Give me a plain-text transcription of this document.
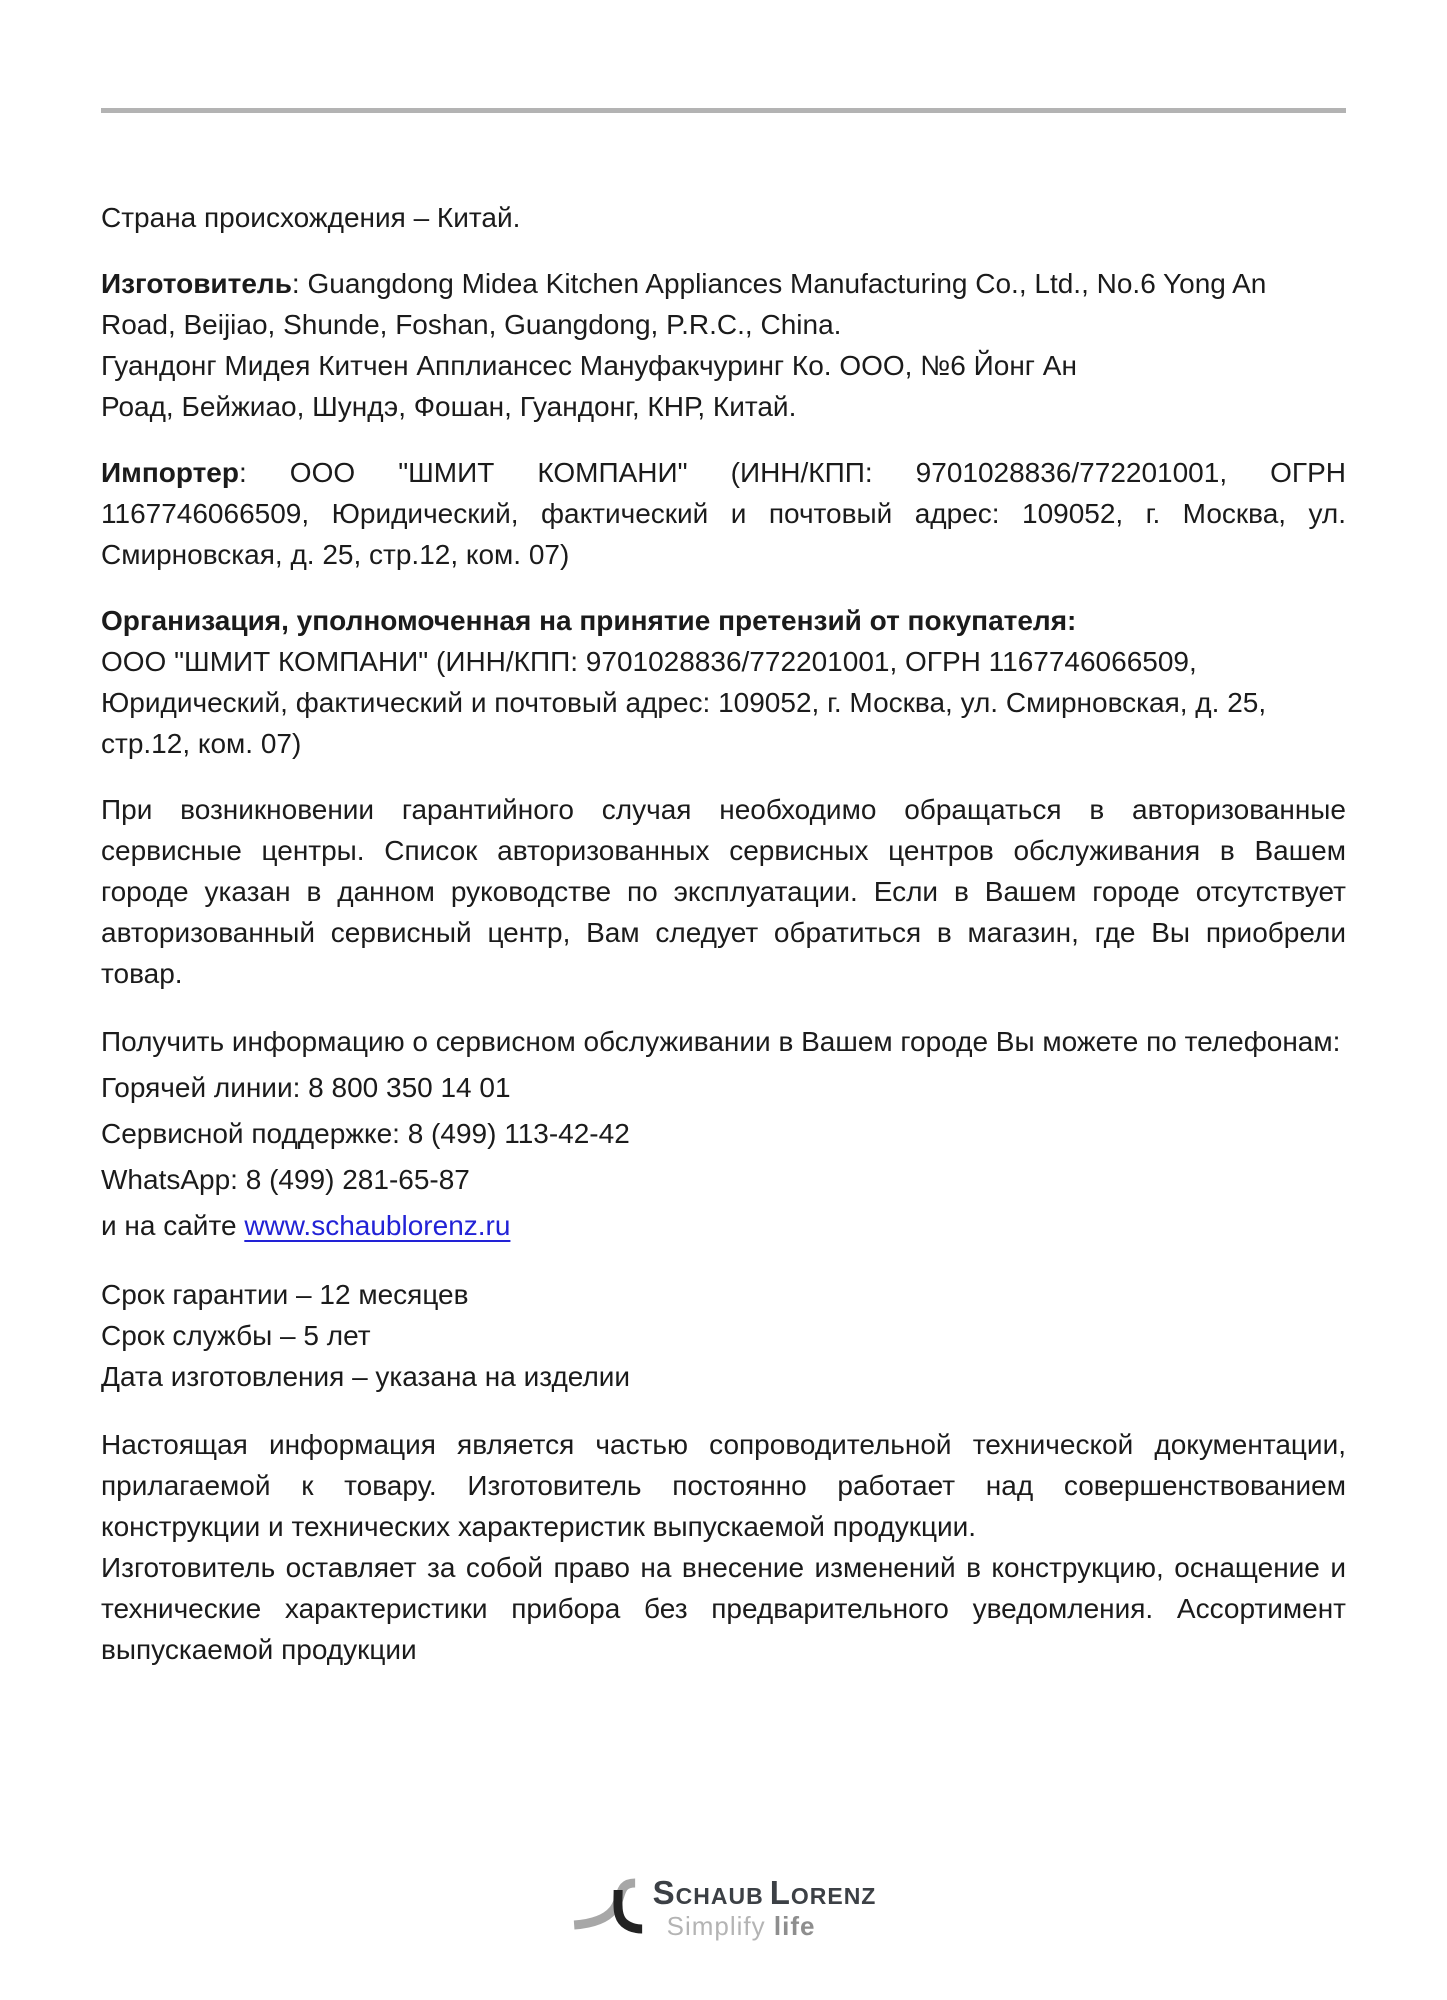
Страна происхождения – Китай.

Изготовитель: Guangdong Midea Kitchen Appliances Manufacturing Co., Ltd., No.6 Yong An Road, Beijiao, Shunde, Foshan, Guangdong, P.R.C., China.
Гуандонг Мидея Китчен Апплиансес Мануфакчуринг Ко. ООО, №6 Йонг Ан
Роад, Бейжиао, Шундэ, Фошан, Гуандонг, КНР, Китай.

Импортер: ООО "ШМИТ КОМПАНИ" (ИНН/КПП: 9701028836/772201001, ОГРН 1167746066509, Юридический, фактический и почтовый адрес: 109052, г. Москва, ул. Смирновская, д. 25, стр.12, ком. 07)

Организация, уполномоченная на принятие претензий от покупателя:
ООО "ШМИТ КОМПАНИ" (ИНН/КПП: 9701028836/772201001, ОГРН 1167746066509, Юридический, фактический и почтовый адрес: 109052, г. Москва, ул. Смирновская, д. 25, стр.12, ком. 07)

При возникновении гарантийного случая необходимо обращаться в авторизованные сервисные центры. Список авторизованных сервисных центров обслуживания в Вашем городе указан в данном руководстве по эксплуатации. Если в Вашем городе отсутствует авторизованный сервисный центр, Вам следует обратиться в магазин, где Вы приобрели товар.

Получить информацию о сервисном обслуживании в Вашем городе Вы можете по телефонам:
Горячей линии: 8 800 350 14 01
Сервисной поддержке: 8 (499) 113-42-42
WhatsApp: 8 (499) 281-65-87
и на сайте www.schaublorenz.ru
Срок гарантии – 12 месяцев
Срок службы – 5 лет
Дата изготовления – указана на изделии

Настоящая информация является частью сопроводительной технической документации, прилагаемой к товару. Изготовитель постоянно работает над совершенствованием конструкции и технических характеристик выпускаемой продукции.

Изготовитель оставляет за собой право на внесение изменений в конструкцию, оснащение и технические характеристики прибора без предварительного уведомления. Ассортимент выпускаемой продукции

Schaub Lorenz
Simplify life
